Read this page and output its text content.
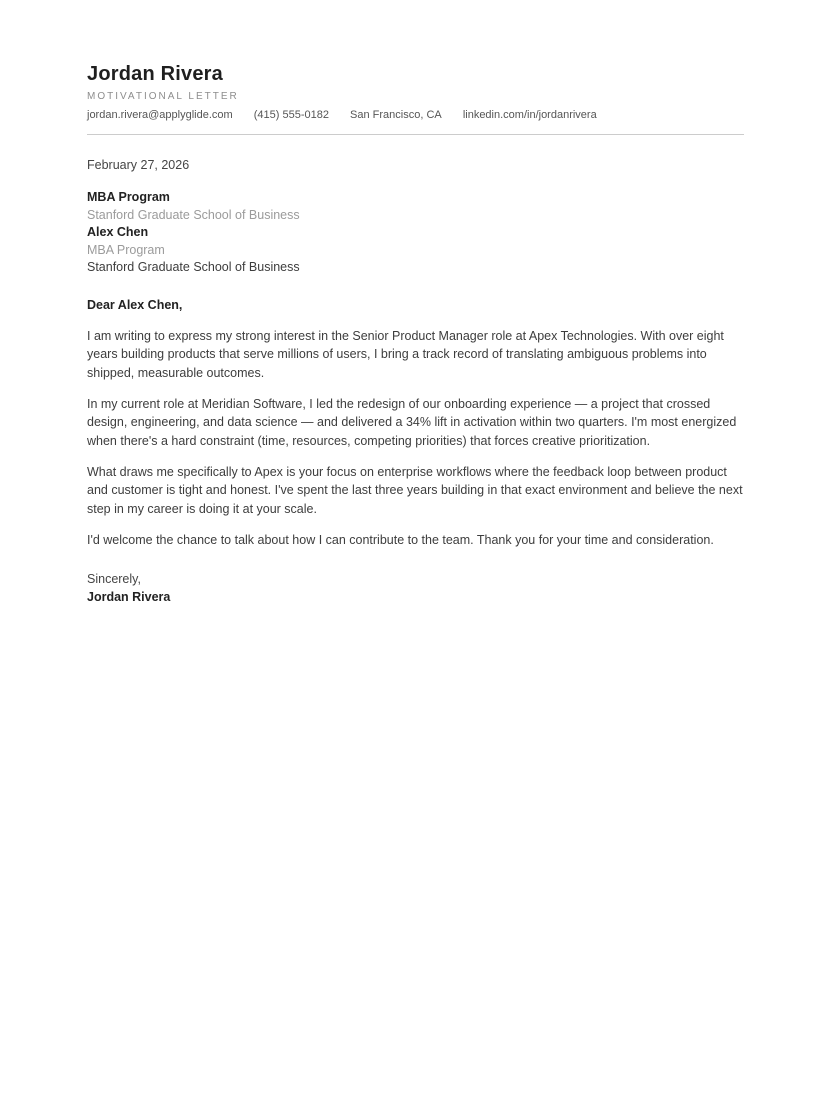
Jordan Rivera
MOTIVATIONAL LETTER
jordan.rivera@applyglide.com (415) 555-0182 San Francisco, CA linkedin.com/in/jordanrivera
February 27, 2026
MBA Program
Stanford Graduate School of Business
Alex Chen
MBA Program
Stanford Graduate School of Business
Dear Alex Chen,

I am writing to express my strong interest in the Senior Product Manager role at Apex Technologies. With over eight years building products that serve millions of users, I bring a track record of translating ambiguous problems into shipped, measurable outcomes.

In my current role at Meridian Software, I led the redesign of our onboarding experience — a project that crossed design, engineering, and data science — and delivered a 34% lift in activation within two quarters. I'm most energized when there's a hard constraint (time, resources, competing priorities) that forces creative prioritization.

What draws me specifically to Apex is your focus on enterprise workflows where the feedback loop between product and customer is tight and honest. I've spent the last three years building in that exact environment and believe the next step in my career is doing it at your scale.

I'd welcome the chance to talk about how I can contribute to the team. Thank you for your time and consideration.

Sincerely,
Jordan Rivera
